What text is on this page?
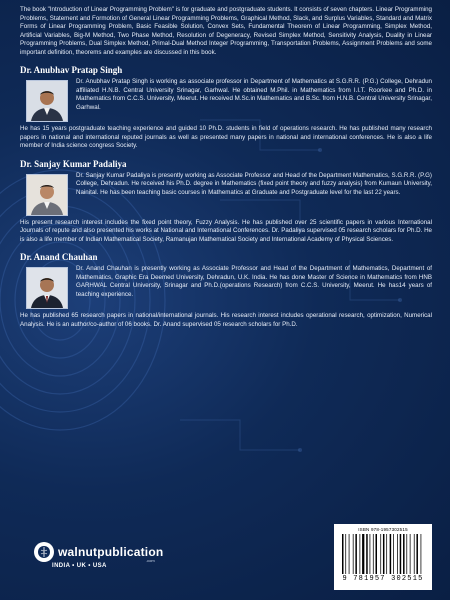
The book "Introduction of Linear Programming Problem" is for graduate and postgraduate students. It consists of seven chapters. Linear Programming Problems, Statement and Formotion of General Linear Programming Problems, Graphical Method, Slack, and Surplus Variables, Standard and Matrix Forms of Linear Programming Problem, Basic Feasible Solution, Convex Sets, Fundamental Theorem of Linear Programming, Simplex Method, Artificial Variables, Big-M Method, Two Phase Method, Resolution of Degeneracy, Revised Simplex Method, Sensitivity Analysis, Duality in Linear Programming Problems, Dual Simplex Method, Primal-Dual Method Integer Programming, Transportation Problems, Assignment Problems and some important definition, theorems and examples are discussed in this book.

Dr. Anubhav Pratap Singh

Dr. Anubhav Pratap Singh is working as associate professor in Department of Mathematics at S.G.R.R. (P.G.) College, Dehradun affiliated H.N.B. Central University Srinagar, Garhwal. He obtained M.Phil. in Mathematics from I.I.T. Roorkee and Ph.D. in Mathematics from C.C.S. University, Meerut. He received M.Sc.in Mathematics and B.Sc. from H.N.B. Central University Srinagar, Garhwal.

He has 15 years postgraduate teaching experience and guided 10 Ph.D. students in field of operations research. He has published many research papers in national and international reputed journals as well as presented many papers in national and international conferences. He is also a life member of India science congress Society.

Dr. Sanjay Kumar Padaliya

Dr. Sanjay Kumar Padaliya is presently working as Associate Professor and Head of the Department Mathematics, S.G.R.R. (P.G) College, Dehradun. He received his Ph.D. degree in Mathematics (fixed point theory and fuzzy analysis) from Kumaun University, Nainital. He has been teaching basic courses in Mathematics at Graduate and Postgraduate level for the last 22 years.

His present research interest includes the fixed point theory, Fuzzy Analysis. He has published over 25 scientific papers in various International Journals of repute and also presented his works at National and International Conferences. Dr. Padaliya supervised 05 research scholars for Ph.D. He is also a life member of Indian Mathematical Society, Ramanujan Mathematical Society and International Academy of Physical Sciences.

Dr. Anand Chauhan

Dr. Anand Chauhan is presently working as Associate Professor and Head of the Department of Mathematics, Department of Mathematics, Graphic Era Deemed University, Dehradun, U.K. India. He has done Master of Science in Mathematics from HNB GARHWAL Central University, Srinagar and Ph.D.(operations Research) from C.C.S. University, Meerut. He has14 years of teaching experience.

He has published 65 research papers in national/international journals. His research interest includes operational research, optimization, Numerical Analysis. He is an author/co-author of 06 books. Dr. Anand supervised 05 research scholars for Ph.D.

walnutpublication
.com
INDIA • UK • USA
ISBN 978-1957302515
9 781957 302515
